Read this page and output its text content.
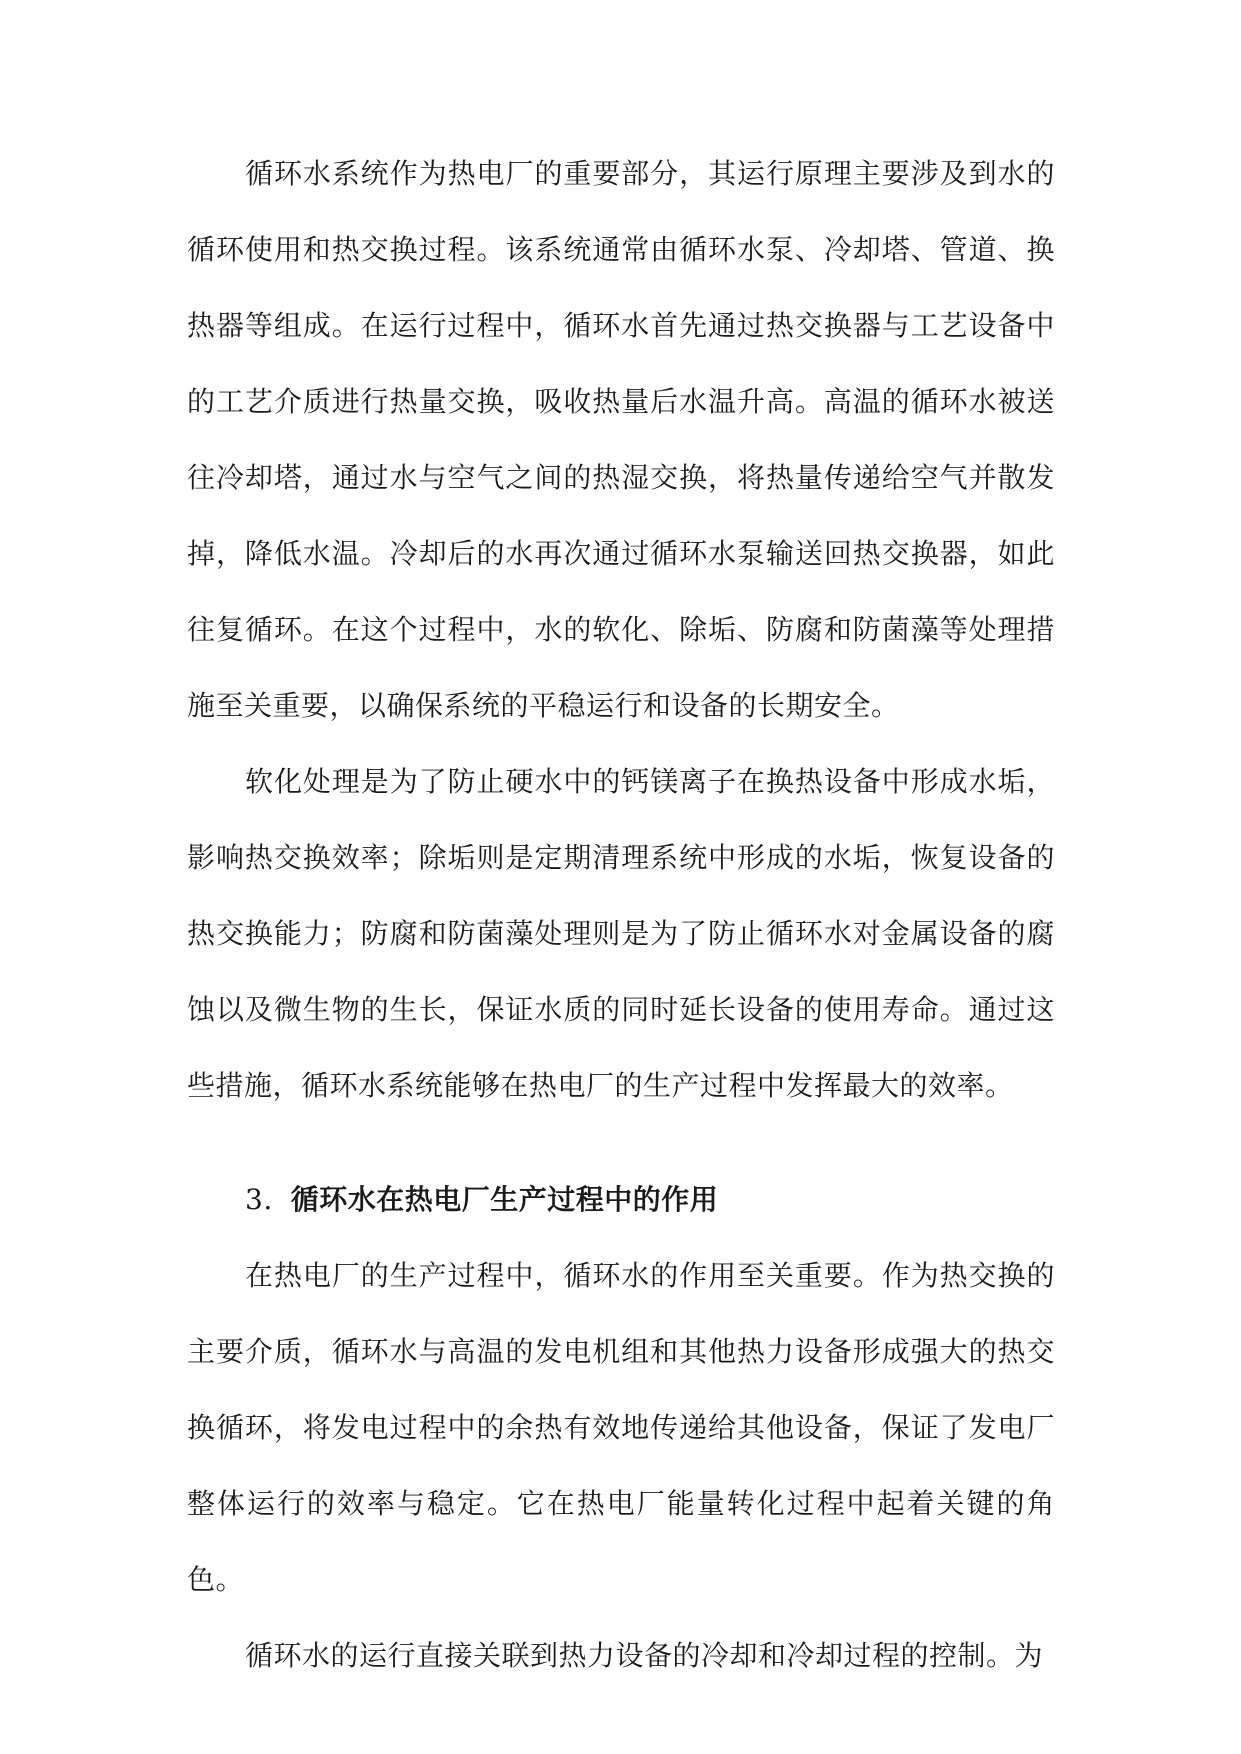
循环水系统作为热电厂的重要部分，其运行原理主要涉及到水的循环使用和热交换过程。该系统通常由循环水泵、冷却塔、管道、换热器等组成。在运行过程中，循环水首先通过热交换器与工艺设备中的工艺介质进行热量交换，吸收热量后水温升高。高温的循环水被送往冷却塔，通过水与空气之间的热湿交换，将热量传递给空气并散发掉，降低水温。冷却后的水再次通过循环水泵输送回热交换器，如此往复循环。在这个过程中，水的软化、除垢、防腐和防菌藻等处理措施至关重要，以确保系统的平稳运行和设备的长期安全。

软化处理是为了防止硬水中的钙镁离子在换热设备中形成水垢，影响热交换效率；除垢则是定期清理系统中形成的水垢，恢复设备的热交换能力；防腐和防菌藻处理则是为了防止循环水对金属设备的腐蚀以及微生物的生长，保证水质的同时延长设备的使用寿命。通过这些措施，循环水系统能够在热电厂的生产过程中发挥最大的效率。

3. 循环水在热电厂生产过程中的作用

在热电厂的生产过程中，循环水的作用至关重要。作为热交换的主要介质，循环水与高温的发电机组和其他热力设备形成强大的热交换循环，将发电过程中的余热有效地传递给其他设备，保证了发电厂整体运行的效率与稳定。它在热电厂能量转化过程中起着关键的角色。

循环水的运行直接关联到热力设备的冷却和冷却过程的控制。为
